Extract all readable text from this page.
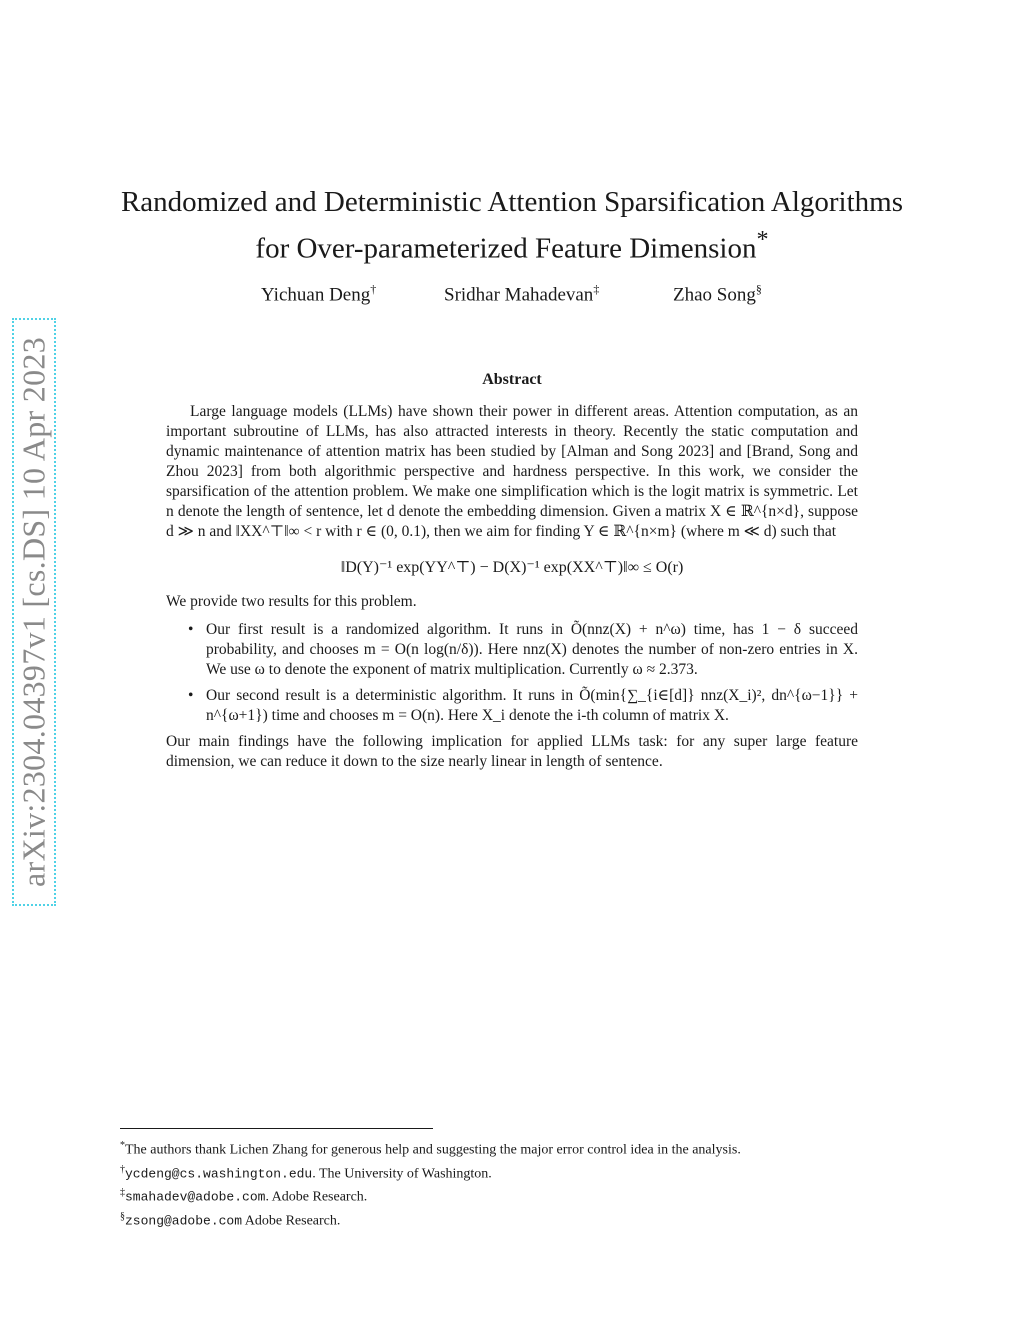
arXiv:2304.04397v1 [cs.DS] 10 Apr 2023
Randomized and Deterministic Attention Sparsification Algorithms
for Over-parameterized Feature Dimension*
Yichuan Deng†	Sridhar Mahadevan‡	Zhao Song§
Abstract

Large language models (LLMs) have shown their power in different areas. Attention computation, as an important subroutine of LLMs, has also attracted interests in theory. Recently the static computation and dynamic maintenance of attention matrix has been studied by [Alman and Song 2023] and [Brand, Song and Zhou 2023] from both algorithmic perspective and hardness perspective. In this work, we consider the sparsification of the attention problem. We make one simplification which is the logit matrix is symmetric. Let n denote the length of sentence, let d denote the embedding dimension. Given a matrix X ∈ ℝ^{n×d}, suppose d ≫ n and ‖XX^⊤‖∞ < r with r ∈ (0, 0.1), then we aim for finding Y ∈ ℝ^{n×m} (where m ≪ d) such that

‖D(Y)⁻¹ exp(YY^⊤) − D(X)⁻¹ exp(XX^⊤)‖∞ ≤ O(r)

We provide two results for this problem.

• Our first result is a randomized algorithm. It runs in Õ(nnz(X) + n^ω) time, has 1 − δ succeed probability, and chooses m = O(n log(n/δ)). Here nnz(X) denotes the number of non-zero entries in X. We use ω to denote the exponent of matrix multiplication. Currently ω ≈ 2.373.
• Our second result is a deterministic algorithm. It runs in Õ(min{∑_{i∈[d]} nnz(X_i)², dn^{ω−1}} + n^{ω+1}) time and chooses m = O(n). Here X_i denote the i-th column of matrix X.

Our main findings have the following implication for applied LLMs task: for any super large feature dimension, we can reduce it down to the size nearly linear in length of sentence.

*The authors thank Lichen Zhang for generous help and suggesting the major error control idea in the analysis.
†ycdeng@cs.washington.edu. The University of Washington.
‡smahadev@adobe.com. Adobe Research.
§zsong@adobe.com Adobe Research.
